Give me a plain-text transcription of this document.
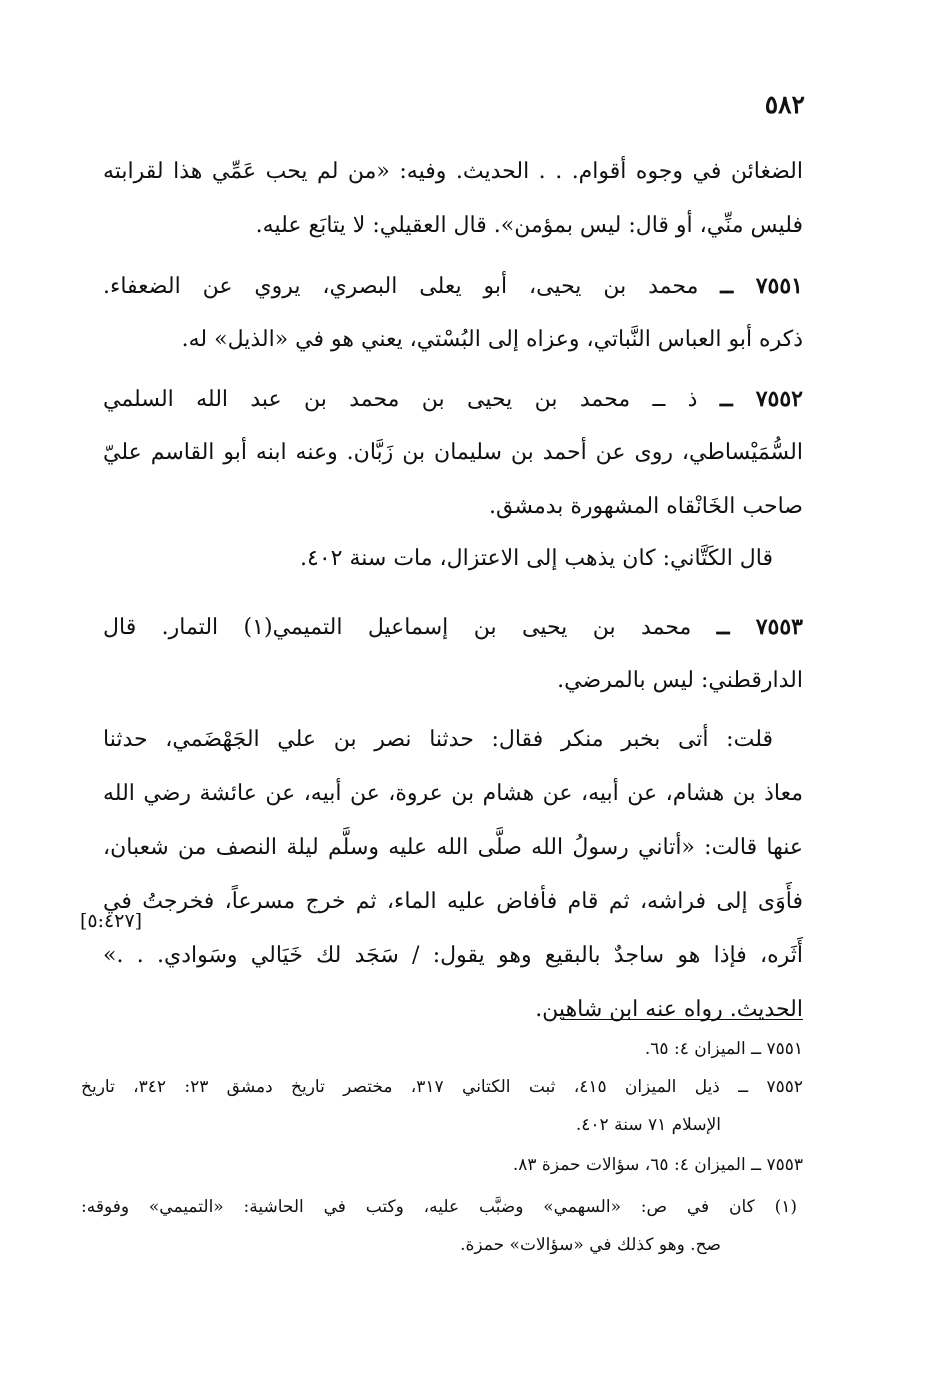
٥٨٢
الضغائن في وجوه أقوام. . . الحديث. وفيه: «من لم يحب عَمِّي هذا لقرابته
فليس منِّي، أو قال: ليس بمؤمن». قال العقيلي: لا يتابَع عليه.
٧٥٥١ ــ محمد بن يحيى، أبو يعلى البصري، يروي عن الضعفاء.
ذكره أبو العباس النَّباتي، وعزاه إلى البُسْتي، يعني هو في «الذيل» له.
٧٥٥٢ ــ ذ ــ محمد بن يحيى بن محمد بن عبد الله السلمي
السُّمَيْساطي، روى عن أحمد بن سليمان بن زَبَّان. وعنه ابنه أبو القاسم عليّ
صاحب الخَانْقاه المشهورة بدمشق.
قال الكَتَّاني: كان يذهب إلى الاعتزال، مات سنة ٤٠٢.
٧٥٥٣ ــ محمد بن يحيى بن إسماعيل التميمي(١) التمار. قال
الدارقطني: ليس بالمرضي.
قلت: أتى بخبر منكر فقال: حدثنا نصر بن علي الجَهْضَمي، حدثنا
معاذ بن هشام، عن أبيه، عن هشام بن عروة، عن أبيه، عن عائشة رضي الله
عنها قالت: «أتاني رسولُ الله صلَّى الله عليه وسلَّم ليلة النصف من شعبان،
فأَوَى إلى فراشه، ثم قام فأفاض عليه الماء، ثم خرج مسرعاً، فخرجتُ في
أَثَره، فإذا هو ساجدٌ بالبقيع وهو يقول: / سَجَد لك خَيَالي وسَوادي. . .»
الحديث. رواه عنه ابن شاهين.
[٥:٤٢٧]
٧٥٥١ ــ الميزان ٤: ٦٥.
٧٥٥٢ ــ ذيل الميزان ٤١٥، ثبت الكتاني ٣١٧، مختصر تاريخ دمشق ٢٣: ٣٤٢، تاريخ
الإسلام ٧١ سنة ٤٠٢.
٧٥٥٣ ــ الميزان ٤: ٦٥، سؤالات حمزة ٨٣.
(١) كان في ص: «السهمي» وضبَّب عليه، وكتب في الحاشية: «التميمي» وفوقه:
صح. وهو كذلك في «سؤالات» حمزة.
